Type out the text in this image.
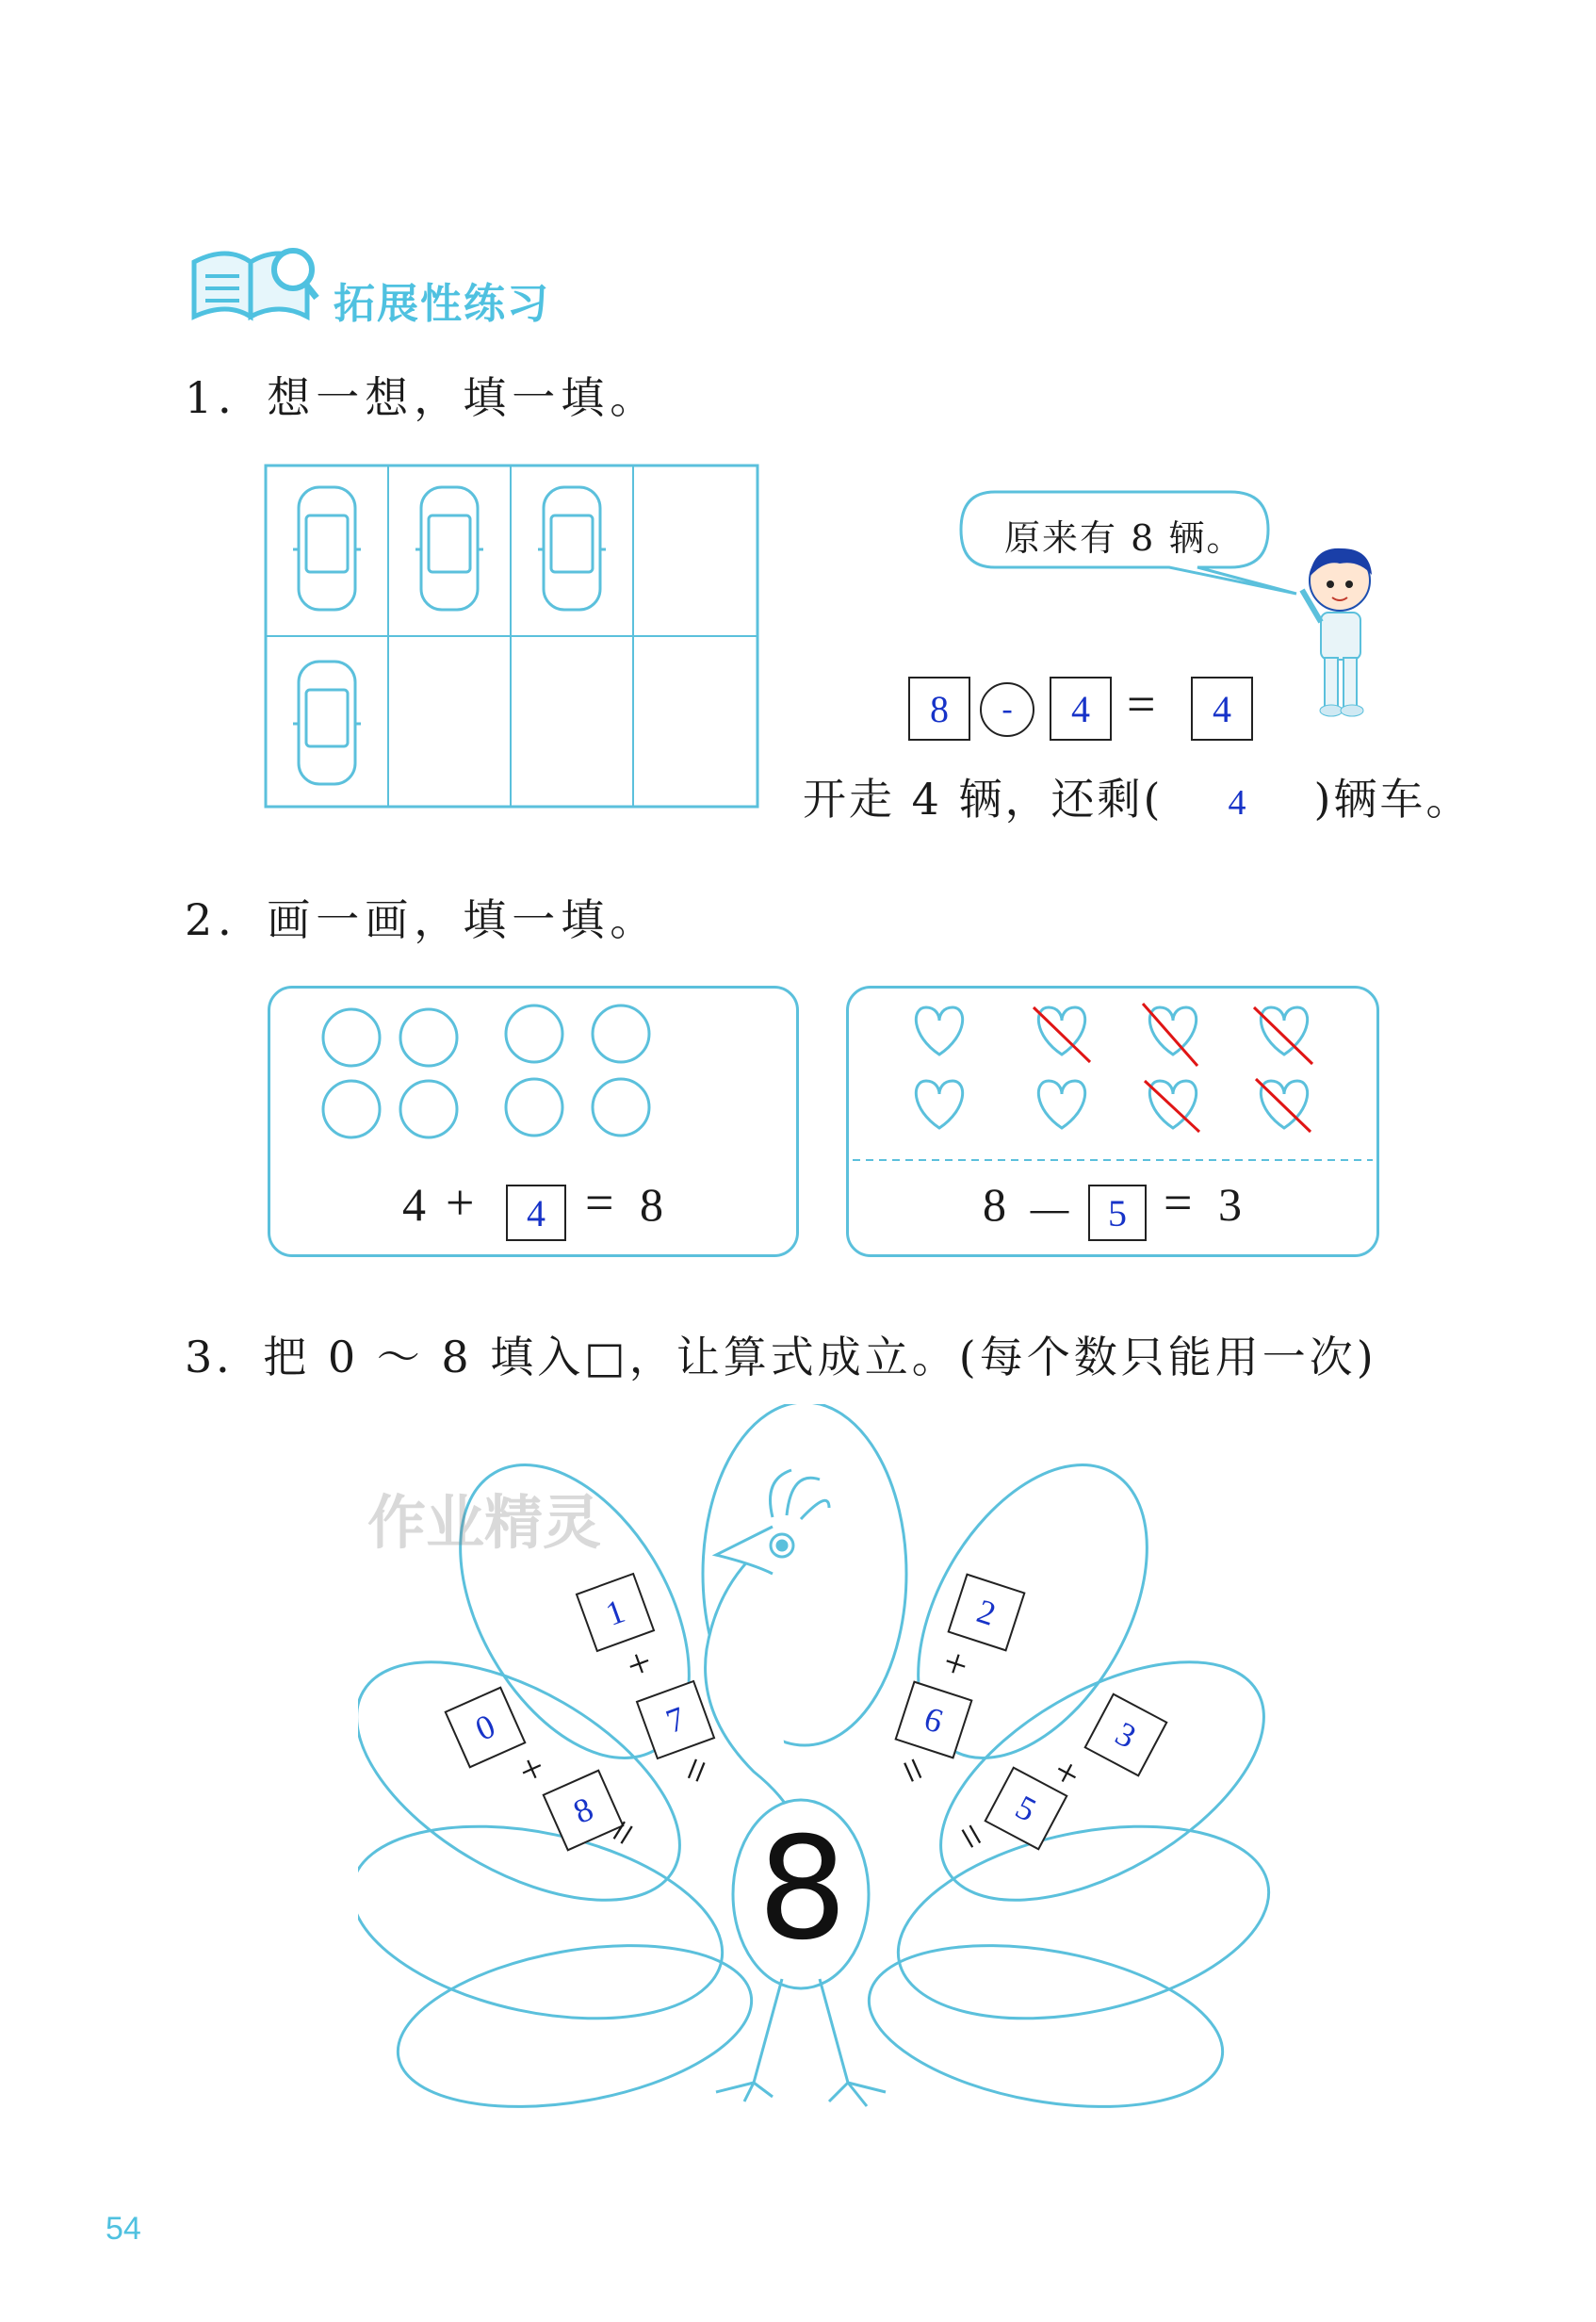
拓展性练习
1．想一想，填一填。
原来有 8 辆。
8	-	4 =	4
开走 4 辆，还剩( 4 )辆车。
2．画一画，填一填。
4 +	4 = 8	8 － 5 = 3
3．把 0 ～ 8 填入□，让算式成立。(每个数只能用一次)
8
0
+
8
=
1
+
7
=
2
+
6
=
3
+
5
=
作业精灵
54
